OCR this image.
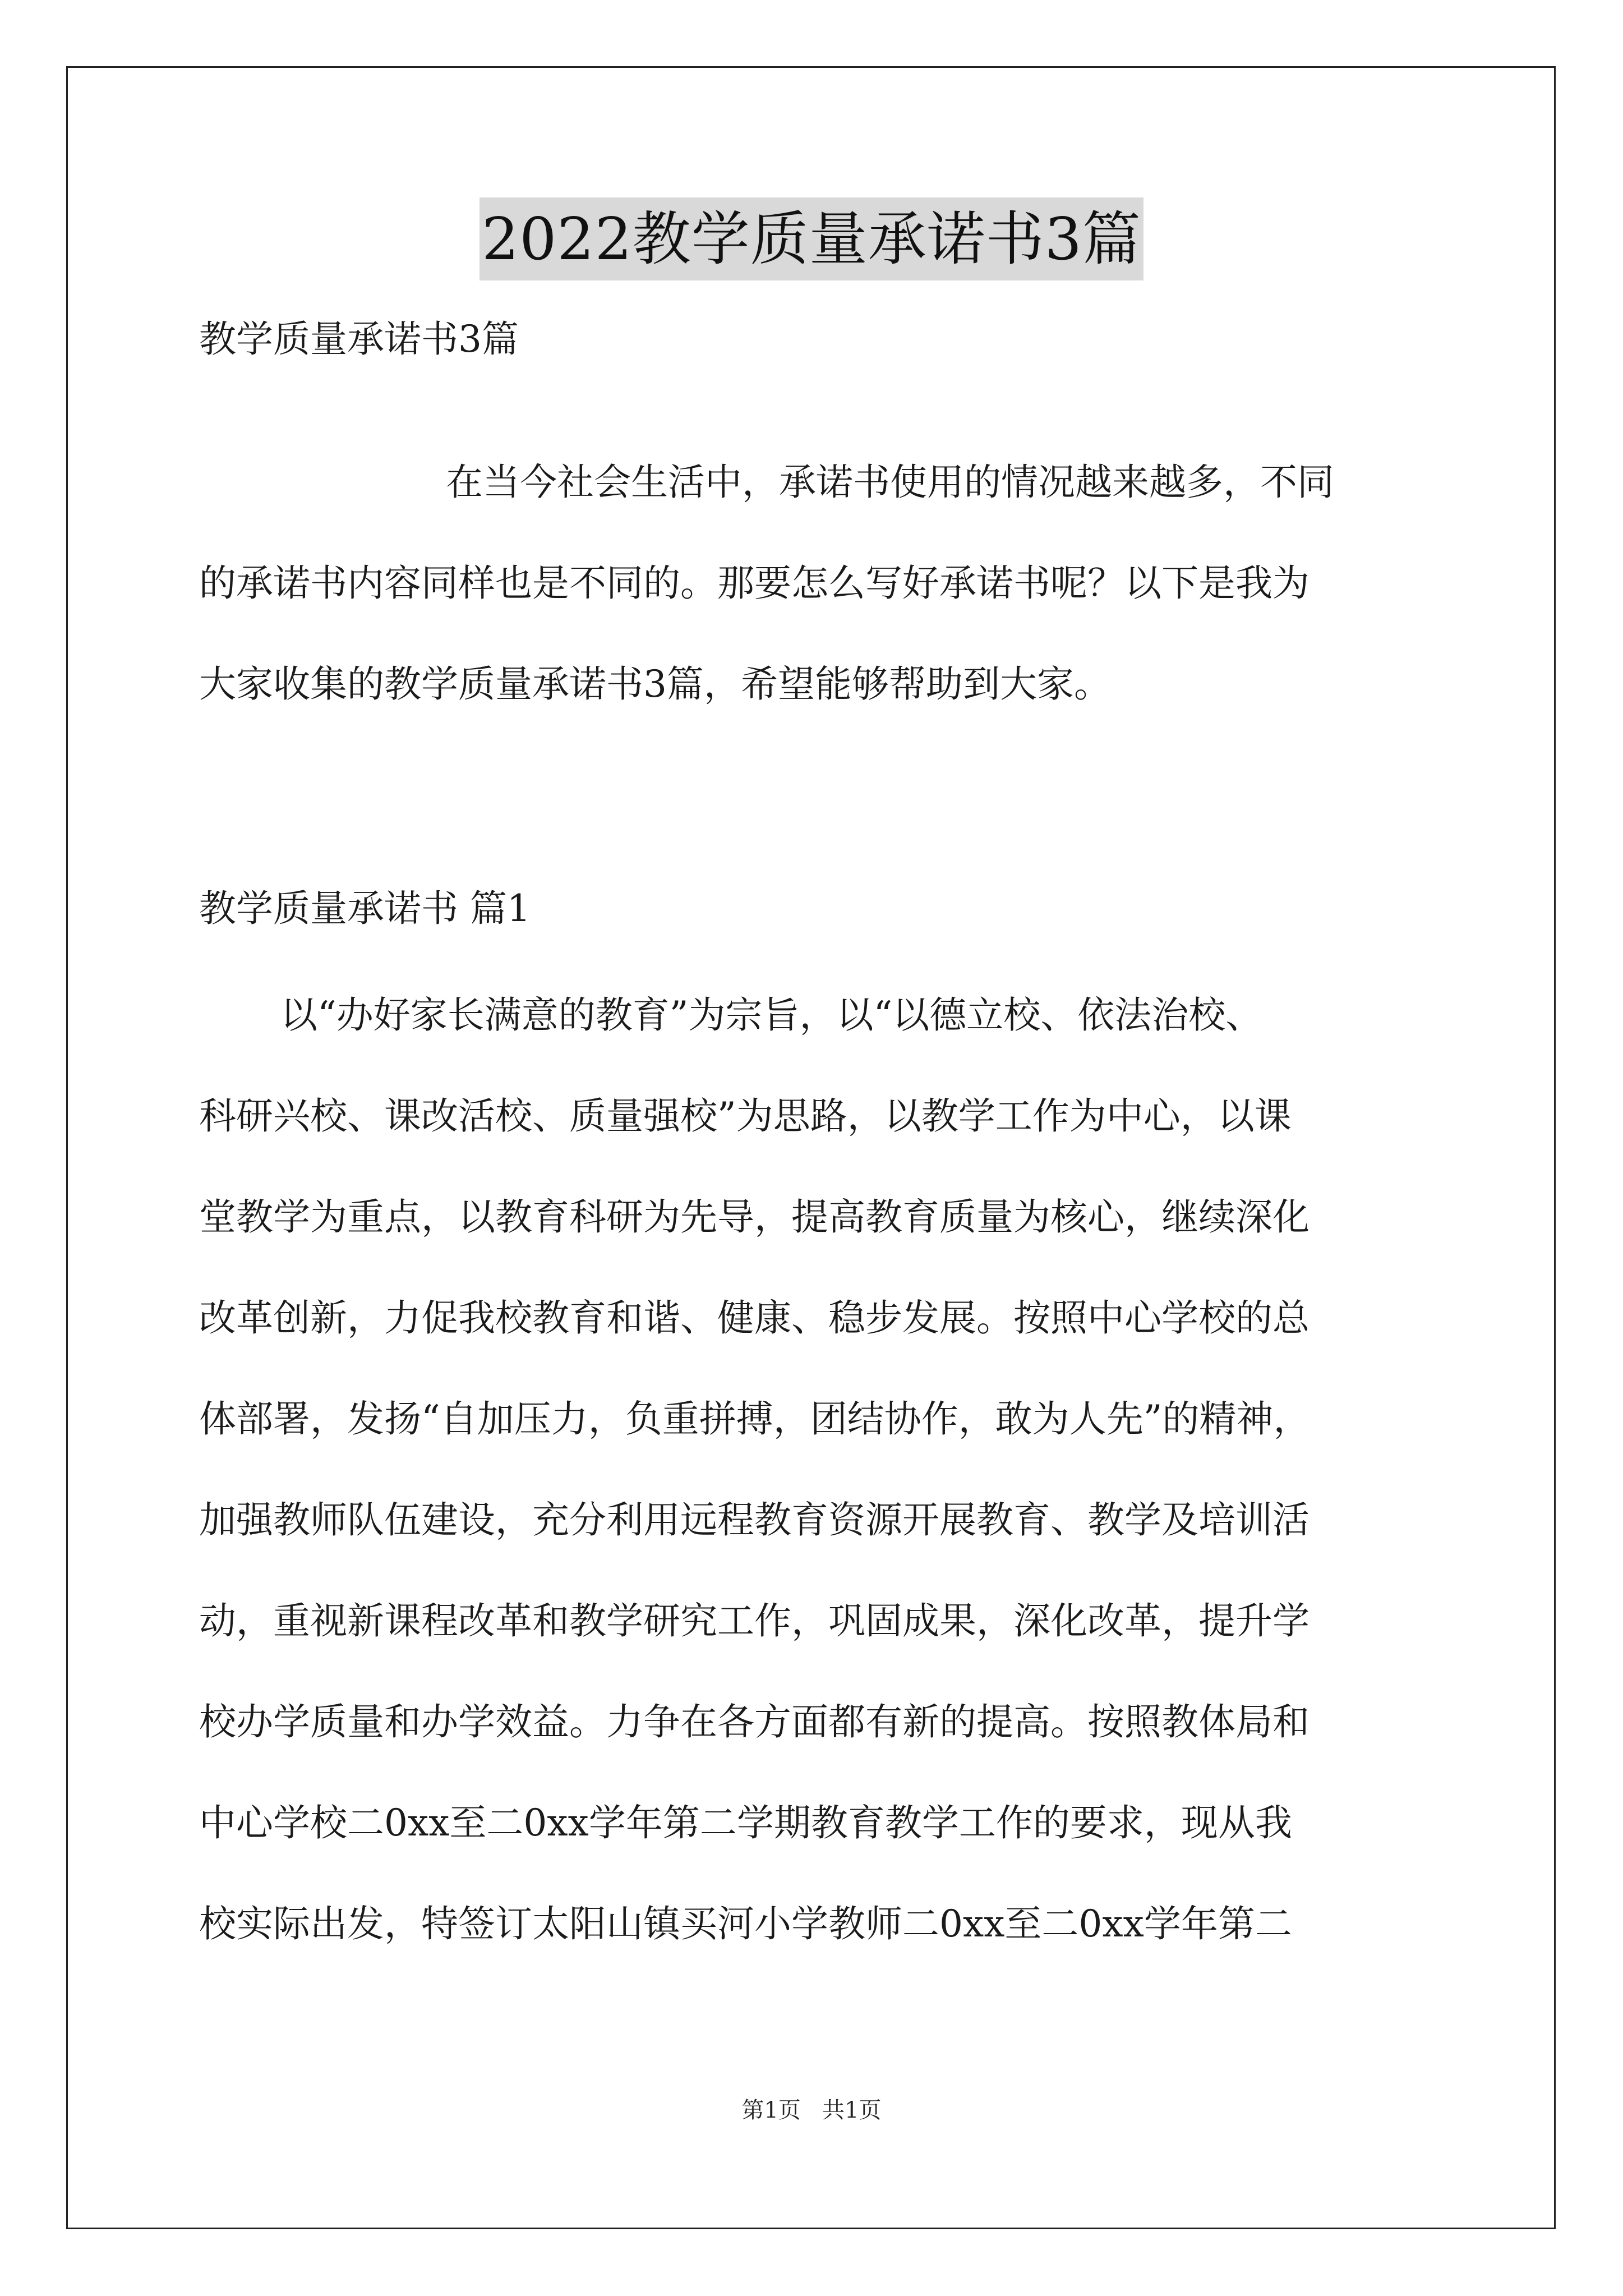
2022教学质量承诺书3篇
教学质量承诺书3篇
在当今社会生活中，承诺书使用的情况越来越多，不同
的承诺书内容同样也是不同的。那要怎么写好承诺书呢？以下是我为
大家收集的教学质量承诺书3篇，希望能够帮助到大家。
教学质量承诺书 篇1
以“办好家长满意的教育”为宗旨，以“以德立校、依法治校、
科研兴校、课改活校、质量强校”为思路，以教学工作为中心，以课
堂教学为重点，以教育科研为先导，提高教育质量为核心，继续深化
改革创新，力促我校教育和谐、健康、稳步发展。按照中心学校的总
体部署，发扬“自加压力，负重拼搏，团结协作，敢为人先”的精神，
加强教师队伍建设，充分利用远程教育资源开展教育、教学及培训活
动，重视新课程改革和教学研究工作，巩固成果，深化改革，提升学
校办学质量和办学效益。力争在各方面都有新的提高。按照教体局和
中心学校二0xx至二0xx学年第二学期教育教学工作的要求，现从我
校实际出发，特签订太阳山镇买河小学教师二0xx至二0xx学年第二
第1页   共1页
